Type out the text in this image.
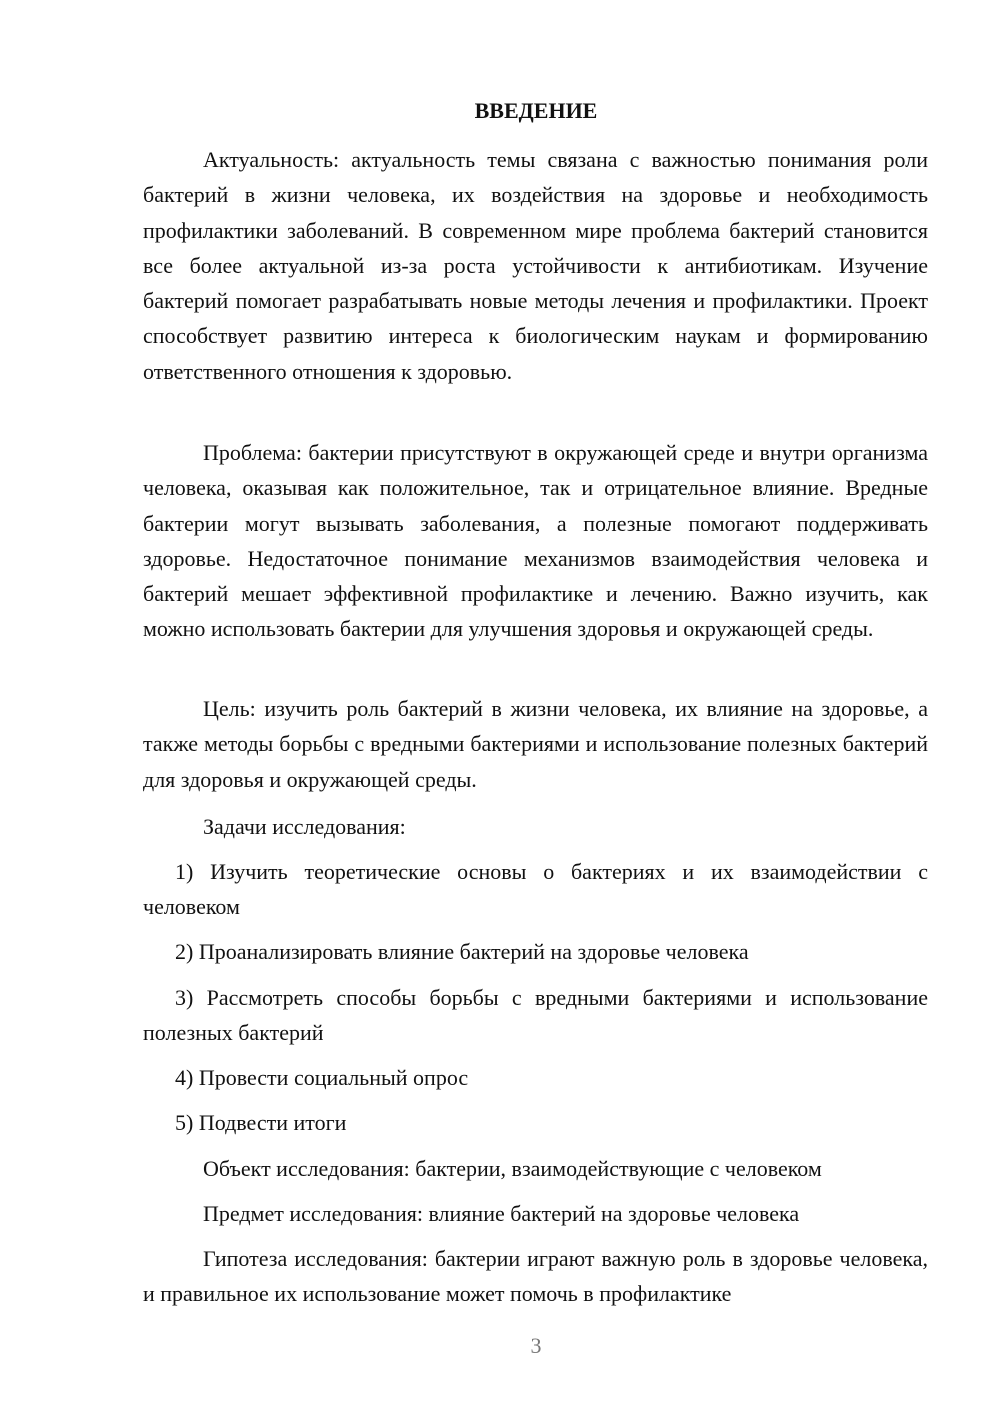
ВВЕДЕНИЕ

Актуальность: актуальность темы связана с важностью понимания роли бактерий в жизни человека, их воздействия на здоровье и необходимость профилактики заболеваний. В современном мире проблема бактерий становится все более актуальной из-за роста устойчивости к антибиотикам. Изучение бактерий помогает разрабатывать новые методы лечения и профилактики. Проект способствует развитию интереса к биологическим наукам и формированию ответственного отношения к здоровью.

Проблема: бактерии присутствуют в окружающей среде и внутри организма человека, оказывая как положительное, так и отрицательное влияние. Вредные бактерии могут вызывать заболевания, а полезные помогают поддерживать здоровье. Недостаточное понимание механизмов взаимодействия человека и бактерий мешает эффективной профилактике и лечению. Важно изучить, как можно использовать бактерии для улучшения здоровья и окружающей среды.

Цель: изучить роль бактерий в жизни человека, их влияние на здоровье, а также методы борьбы с вредными бактериями и использование полезных бактерий для здоровья и окружающей среды.

Задачи исследования:

1) Изучить теоретические основы о бактериях и их взаимодействии с человеком

2) Проанализировать влияние бактерий на здоровье человека

3) Рассмотреть способы борьбы с вредными бактериями и использование полезных бактерий

4) Провести социальный опрос

5) Подвести итоги

Объект исследования: бактерии, взаимодействующие с человеком

Предмет исследования: влияние бактерий на здоровье человека

Гипотеза исследования: бактерии играют важную роль в здоровье человека, и правильное их использование может помочь в профилактике

3
